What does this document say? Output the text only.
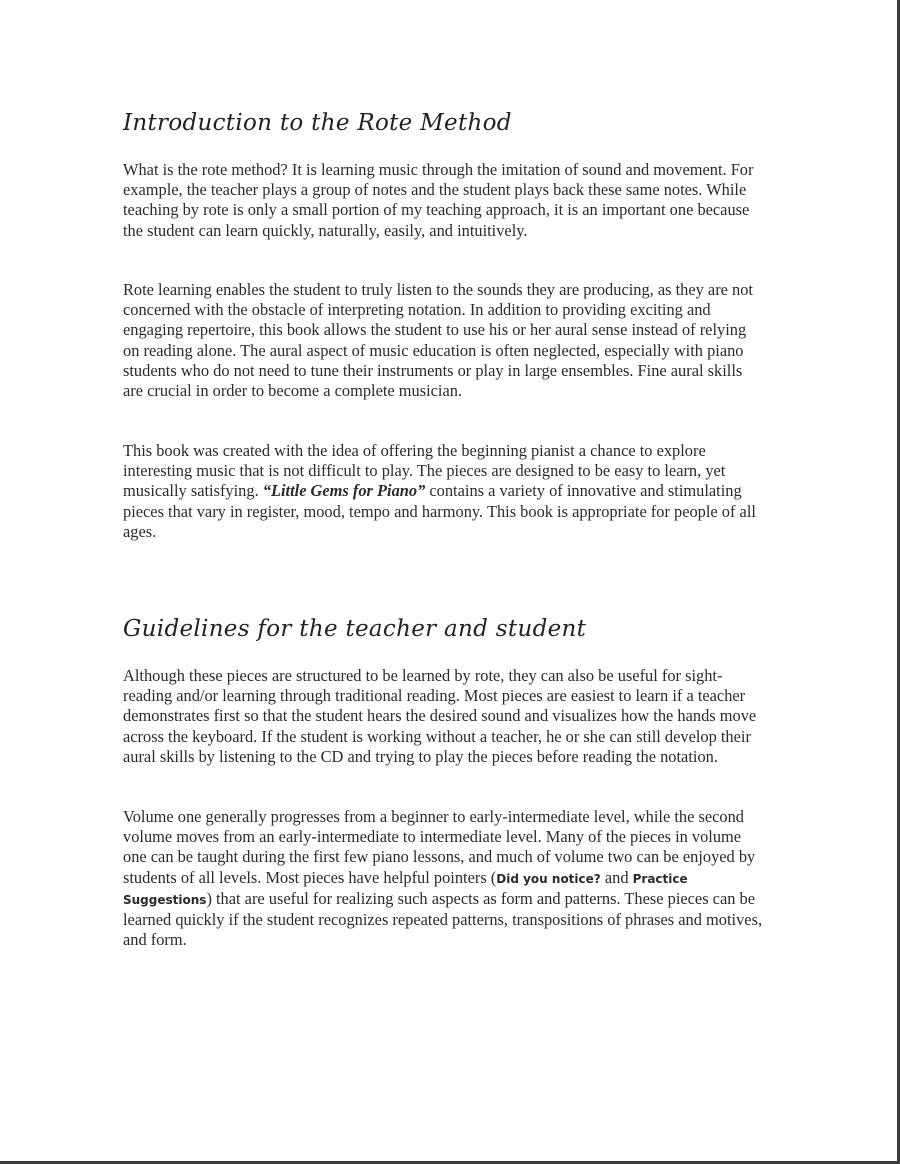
Introduction to the Rote Method

What is the rote method? It is learning music through the imitation of sound and movement. For example, the teacher plays a group of notes and the student plays back these same notes. While teaching by rote is only a small portion of my teaching approach, it is an important one because the student can learn quickly, naturally, easily, and intuitively.

Rote learning enables the student to truly listen to the sounds they are producing, as they are not concerned with the obstacle of interpreting notation. In addition to providing exciting and engaging repertoire, this book allows the student to use his or her aural sense instead of relying on reading alone. The aural aspect of music education is often neglected, especially with piano students who do not need to tune their instruments or play in large ensembles. Fine aural skills are crucial in order to become a complete musician.

This book was created with the idea of offering the beginning pianist a chance to explore interesting music that is not difficult to play. The pieces are designed to be easy to learn, yet musically satisfying. “Little Gems for Piano” contains a variety of innovative and stimulating pieces that vary in register, mood, tempo and harmony. This book is appropriate for people of all ages.

Guidelines for the teacher and student

Although these pieces are structured to be learned by rote, they can also be useful for sight-reading and/or learning through traditional reading. Most pieces are easiest to learn if a teacher demonstrates first so that the student hears the desired sound and visualizes how the hands move across the keyboard. If the student is working without a teacher, he or she can still develop their aural skills by listening to the CD and trying to play the pieces before reading the notation.

Volume one generally progresses from a beginner to early-intermediate level, while the second volume moves from an early-intermediate to intermediate level. Many of the pieces in volume one can be taught during the first few piano lessons, and much of volume two can be enjoyed by students of all levels. Most pieces have helpful pointers (Did you notice? and Practice Suggestions) that are useful for realizing such aspects as form and patterns. These pieces can be learned quickly if the student recognizes repeated patterns, transpositions of phrases and motives, and form.
